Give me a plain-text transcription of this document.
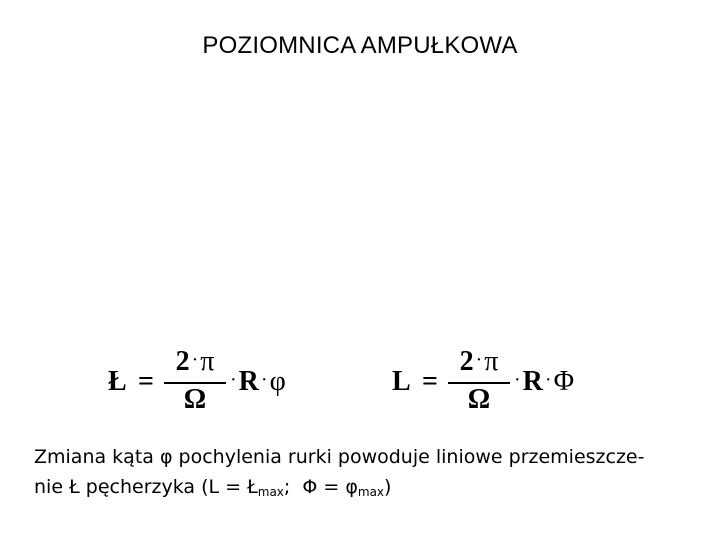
POZIOMNICA AMPUŁKOWA
Ł =
2 ·π
Ω
·R ·φ	L =
2 ·π
Ω
·R ·Φ
Zmiana kąta φ pochylenia rurki powoduje liniowe przemieszcze-
nie Ł pęcherzyka ($L = Ł_{max}$;  $\Phi = \varphi_{max}$)
